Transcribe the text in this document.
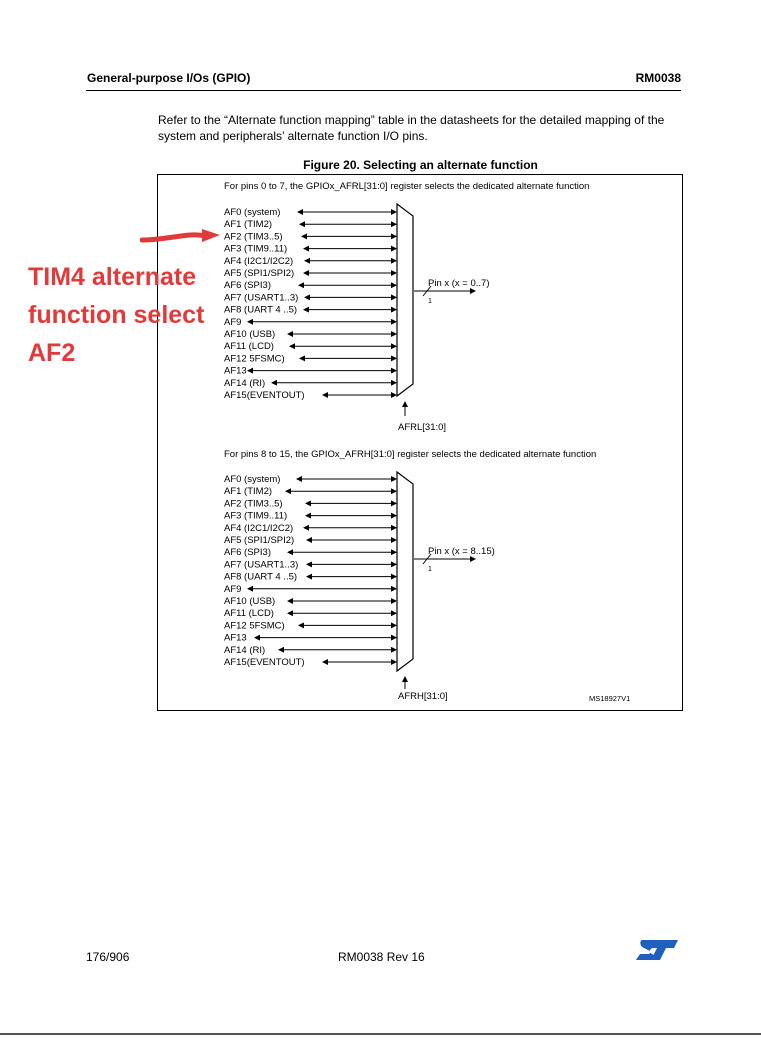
General-purpose I/Os (GPIO)	RM0038
Refer to the “Alternate function mapping” table in the datasheets for the detailed mapping of the system and peripherals’ alternate function I/O pins.
Figure 20. Selecting an alternate function
For pins 0 to 7, the GPIOx_AFRL[31:0] register selects the dedicated alternate function
AF0 (system)
AF1 (TIM2)
AF2 (TIM3..5)
AF3 (TIM9..11)
AF4 (I2C1/I2C2)
AF5 (SPI1/SPI2)
AF6 (SPI3)
AF7 (USART1..3)
AF8 (UART 4 ..5)
AF9
AF10 (USB)
AF11 (LCD)
AF12 5FSMC)
AF13
AF14 (RI)
AF15(EVENTOUT)
Pin x (x = 0..7)
1
AFRL[31:0]
For pins 8 to 15, the GPIOx_AFRH[31:0] register selects the dedicated alternate function
AF0 (system)
AF1 (TIM2)
AF2 (TIM3..5)
AF3 (TIM9..11)
AF4 (I2C1/I2C2)
AF5 (SPI1/SPI2)
AF6 (SPI3)
AF7 (USART1..3)
AF8 (UART 4 ..5)
AF9
AF10 (USB)
AF11 (LCD)
AF12 5FSMC)
AF13
AF14 (RI)
AF15(EVENTOUT)
Pin x (x = 8..15)
1
AFRH[31:0]	MS18927V1
TIM4 alternate
function select
AF2
176/906	RM0038 Rev 16
